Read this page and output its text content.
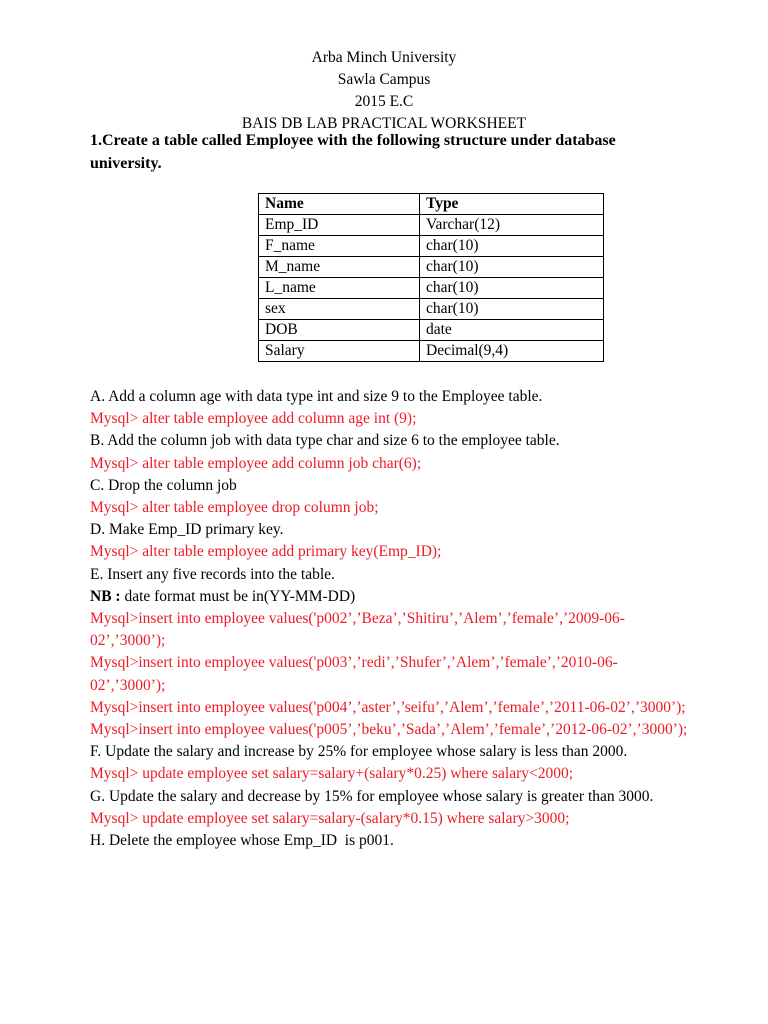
Arba Minch University
Sawla Campus
2015 E.C
BAIS DB LAB PRACTICAL WORKSHEET
1.Create a table called Employee with the following structure under database university.
Name	Type
Emp_ID	Varchar(12)
F_name	char(10)
M_name	char(10)
L_name	char(10)
sex	char(10)
DOB	date
Salary	Decimal(9,4)
A. Add a column age with data type int and size 9 to the Employee table.
Mysql> alter table employee add column age int (9);
B. Add the column job with data type char and size 6 to the employee table.
Mysql> alter table employee add column job char(6);
C. Drop the column job
Mysql> alter table employee drop column job;
D. Make Emp_ID primary key.
Mysql> alter table employee add primary key(Emp_ID);
E. Insert any five records into the table.
NB : date format must be in(YY-MM-DD)
Mysql>insert into employee values('p002’,’Beza’,’Shitiru’,’Alem’,’female’,’2009-06-02’,’3000’);
Mysql>insert into employee values('p003’,’redi’,’Shufer’,’Alem’,’female’,’2010-06-02’,’3000’);
Mysql>insert into employee values('p004’,’aster’,’seifu’,’Alem’,’female’,’2011-06-02’,’3000’);
Mysql>insert into employee values('p005’,’beku’,’Sada’,’Alem’,’female’,’2012-06-02’,’3000’);
F. Update the salary and increase by 25% for employee whose salary is less than 2000.
Mysql> update employee set salary=salary+(salary*0.25) where salary<2000;
G. Update the salary and decrease by 15% for employee whose salary is greater than 3000.
Mysql> update employee set salary=salary-(salary*0.15) where salary>3000;
H. Delete the employee whose Emp_ID  is p001.
